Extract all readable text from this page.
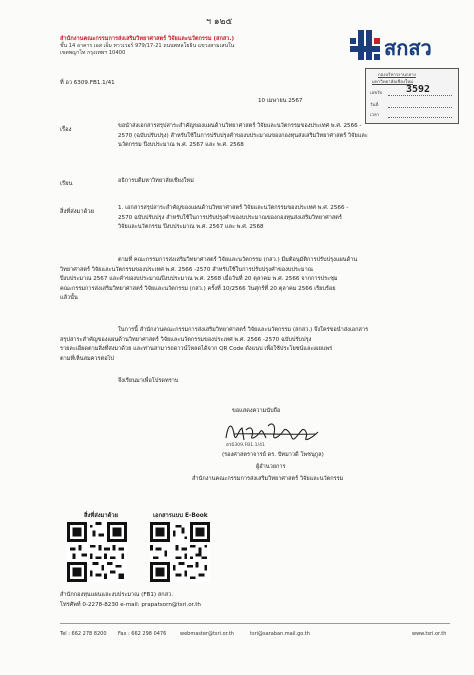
ฯ ๑๒๕
สำนักงานคณะกรรมการส่งเสริมวิทยาศาสตร์ วิจัยและนวัตกรรม (สกสว.)
ชั้น 14 อาคาร เอส เอ็ม ทาวเวอร์ 979/17-21 ถนนพหลโยธิน แขวงสามเสนใน
เขตพญาไท กรุงเทพฯ 10400	สกสว
กองบริหารงานกลาง
มหาวิทยาลัยเชียงใหม่
เลขรับ 3592
วันที่
เวลา
ที่ อว 6309.FB1.1/41
10 เมษายน 2567
เรื่อง
ขอนำส่งเอกสารสรุปสาระสำคัญของแผนด้านวิทยาศาสตร์ วิจัยและนวัตกรรมของประเทศ พ.ศ. 2566 -
2570 (ฉบับปรับปรุง) สำหรับใช้ในการปรับปรุงคำของบประมาณของกองทุนส่งเสริมวิทยาศาสตร์ วิจัยและ
นวัตกรรม ปีงบประมาณ พ.ศ. 2567 และ พ.ศ. 2568
เรียน	อธิการบดีมหาวิทยาลัยเชียงใหม่
สิ่งที่ส่งมาด้วย
1. เอกสารสรุปสาระสำคัญของแผนด้านวิทยาศาสตร์ วิจัยและนวัตกรรมของประเทศ พ.ศ. 2566 -
2570 ฉบับปรับปรุง สำหรับใช้ในการปรับปรุงคำของบประมาณของกองทุนส่งเสริมวิทยาศาสตร์
วิจัยและนวัตกรรม ปีงบประมาณ พ.ศ. 2567 และ พ.ศ. 2568
ตามที่ คณะกรรมการส่งเสริมวิทยาศาสตร์ วิจัยและนวัตกรรม (กสว.) มีมติอนุมัติการปรับปรุงแผนด้าน
วิทยาศาสตร์ วิจัยและนวัตกรรมของประเทศ พ.ศ. 2566 -2570 สำหรับใช้ในการปรับปรุงคำของบประมาณ
ปีงบประมาณ 2567 และคำของบประมาณปีงบประมาณ พ.ศ. 2568 เมื่อวันที่ 20 ตุลาคม พ.ศ. 2566 จากการประชุม
คณะกรรมการส่งเสริมวิทยาศาสตร์ วิจัยและนวัตกรรม (กสว.) ครั้งที่ 10/2566 วันศุกร์ที่ 20 ตุลาคม 2566 เรียบร้อย
แล้วนั้น
ในการนี้ สำนักงานคณะกรรมการส่งเสริมวิทยาศาสตร์ วิจัยและนวัตกรรม (สกสว.) จึงใคร่ขอนำส่งเอกสาร
สรุปสาระสำคัญของแผนด้านวิทยาศาสตร์ วิจัยและนวัตกรรมของประเทศ พ.ศ. 2566 -2570 ฉบับปรับปรุง
รายละเอียดตามสิ่งที่ส่งมาด้วย และท่านสามารถดาวน์โหลดได้จาก QR Code ดังแนบ เพื่อใช้ประโยชน์และเผยแพร่
ตามที่เห็นสมควรต่อไป
จึงเรียนมาเพื่อโปรดทราบ
ขอแสดงความนับถือ
อว6309.FB1.1/41
(รองศาสตราจารย์ ดร. ปัทมาวดี โพชนุกูล)
ผู้อำนวยการ
สำนักงานคณะกรรมการส่งเสริมวิทยาศาสตร์ วิจัยและนวัตกรรม
สิ่งที่ส่งมาด้วย	เอกสารแบบ E-Book
สำนักกองทุนแผนและงบประมาณ (FB1) สกสว.
โทรศัพท์ 0-2278-8230 e-mail: prapatsorn@tsri.or.th
Tel : 662 278 8200 Fax : 662 298 0476	webmaster@tsri.or.th	tsri@saraban.mail.go.th	www.tsri.or.th
